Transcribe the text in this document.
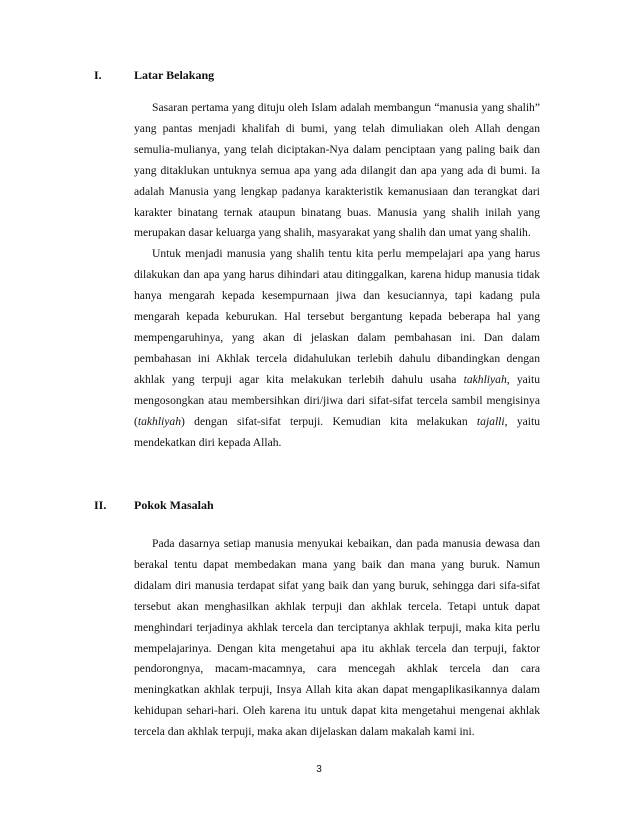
I.	Latar Belakang

Sasaran pertama yang dituju oleh Islam adalah membangun “manusia yang shalih” yang pantas menjadi khalifah di bumi, yang telah dimuliakan oleh Allah dengan semulia-mulianya, yang telah diciptakan-Nya dalam penciptaan yang paling baik dan yang ditaklukan untuknya semua apa yang ada dilangit dan apa yang ada di bumi. Ia adalah Manusia yang lengkap padanya karakteristik kemanusiaan dan terangkat dari karakter binatang ternak ataupun binatang buas. Manusia yang shalih inilah yang merupakan dasar keluarga yang shalih, masyarakat yang shalih dan umat yang shalih.

Untuk menjadi manusia yang shalih tentu kita perlu mempelajari apa yang harus dilakukan dan apa yang harus dihindari atau ditinggalkan, karena hidup manusia tidak hanya mengarah kepada kesempurnaan jiwa dan kesuciannya, tapi kadang pula mengarah kepada keburukan. Hal tersebut bergantung kepada beberapa hal yang mempengaruhinya, yang akan di jelaskan dalam pembahasan ini. Dan dalam pembahasan ini Akhlak tercela didahulukan terlebih dahulu dibandingkan dengan akhlak yang terpuji agar kita melakukan terlebih dahulu usaha takhliyah, yaitu mengosongkan atau membersihkan diri/jiwa dari sifat-sifat tercela sambil mengisinya (takhliyah) dengan sifat-sifat terpuji. Kemudian kita melakukan tajalli, yaitu mendekatkan diri kepada Allah.

II. Pokok Masalah

Pada dasarnya setiap manusia menyukai kebaikan, dan pada manusia dewasa dan berakal tentu dapat membedakan mana yang baik dan mana yang buruk. Namun didalam diri manusia terdapat sifat yang baik dan yang buruk, sehingga dari sifa-sifat tersebut akan menghasilkan akhlak terpuji dan akhlak tercela. Tetapi untuk dapat menghindari terjadinya akhlak tercela dan terciptanya akhlak terpuji, maka kita perlu mempelajarinya. Dengan kita mengetahui apa itu akhlak tercela dan terpuji, faktor pendorongnya, macam-macamnya, cara mencegah akhlak tercela dan cara meningkatkan akhlak terpuji, Insya Allah kita akan dapat mengaplikasikannya dalam kehidupan sehari-hari. Oleh karena itu untuk dapat kita mengetahui mengenai akhlak tercela dan akhlak terpuji, maka akan dijelaskan dalam makalah kami ini.

3
